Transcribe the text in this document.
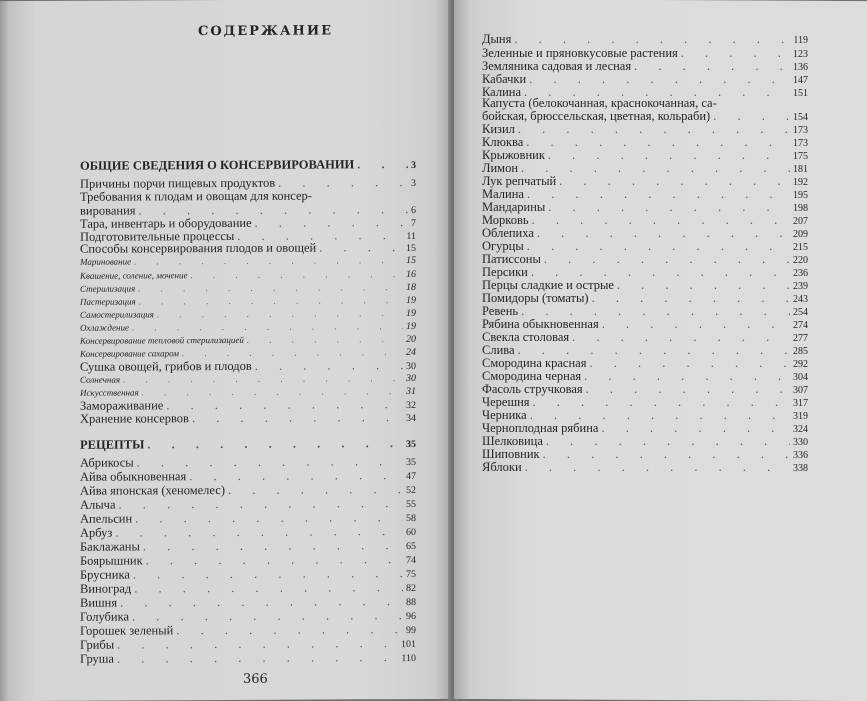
СОДЕРЖАНИЕ
ОБЩИЕ СВЕДЕНИЯ О КОНСЕРВИРОВАНИИ . . .	3
Причины порчи пищевых продуктов . . .	3
Требования к плодам и овощам для консер-
вирования . . .	6
Тара, инвентарь и оборудование . . .	7
Подготовительные процессы . . .	11
Способы консервирования плодов и овощей . . .	15
Маринование . . .	15
Квашение, соление, мочение . . .	16
Стерилизация . . .	18
Пастеризация . . .	19
Самостерилизация . . .	19
Охлаждение . . .	19
Консервирование тепловой стерилизацией . . .	20
Консервирование сахаром . . .	24
Сушка овощей, грибов и плодов . . .	30
Солнечная . . .	30
Искусственная . . .	31
Замораживание . . .	32
Хранение консервов . . .	34
РЕЦЕПТЫ . . .	35
Абрикосы . . .	35
Айва обыкновенная . . .	47
Айва японская (хеномелес) . . .	52
Алыча . . .	55
Апельсин . . .	58
Арбуз . . .	60
Баклажаны . . .	65
Боярышник . . .	74
Брусника . . .	75
Виноград . . .	82
Вишня . . .	88
Голубика . . .	96
Горошек зеленый . . .	99
Грибы . . .	101
Груша . . .	110
366
Дыня . . .	119
Зеленные и пряновкусовые растения . . .	123
Земляника садовая и лесная . . .	136
Кабачки . . .	147
Калина . . .	151
Капуста (белокочанная, краснокочанная, са-
бойская, брюссельская, цветная, кольраби) . . .	154
Кизил . . .	173
Клюква . . .	173
Крыжовник . . .	175
Лимон . . .	181
Лук репчатый . . .	192
Малина . . .	195
Мандарины . . .	198
Морковь . . .	207
Облепиха . . .	209
Огурцы . . .	215
Патиссоны . . .	220
Персики . . .	236
Перцы сладкие и острые . . .	239
Помидоры (томаты) . . .	243
Ревень . . .	254
Рябина обыкновенная . . .	274
Свекла столовая . . .	277
Слива . . .	285
Смородина красная . . .	292
Смородина черная . . .	304
Фасоль стручковая . . .	307
Черешня . . .	317
Черника . . .	319
Черноплодная рябина . . .	324
Шелковица . . .	330
Шиповник . . .	336
Яблоки . . .	338
